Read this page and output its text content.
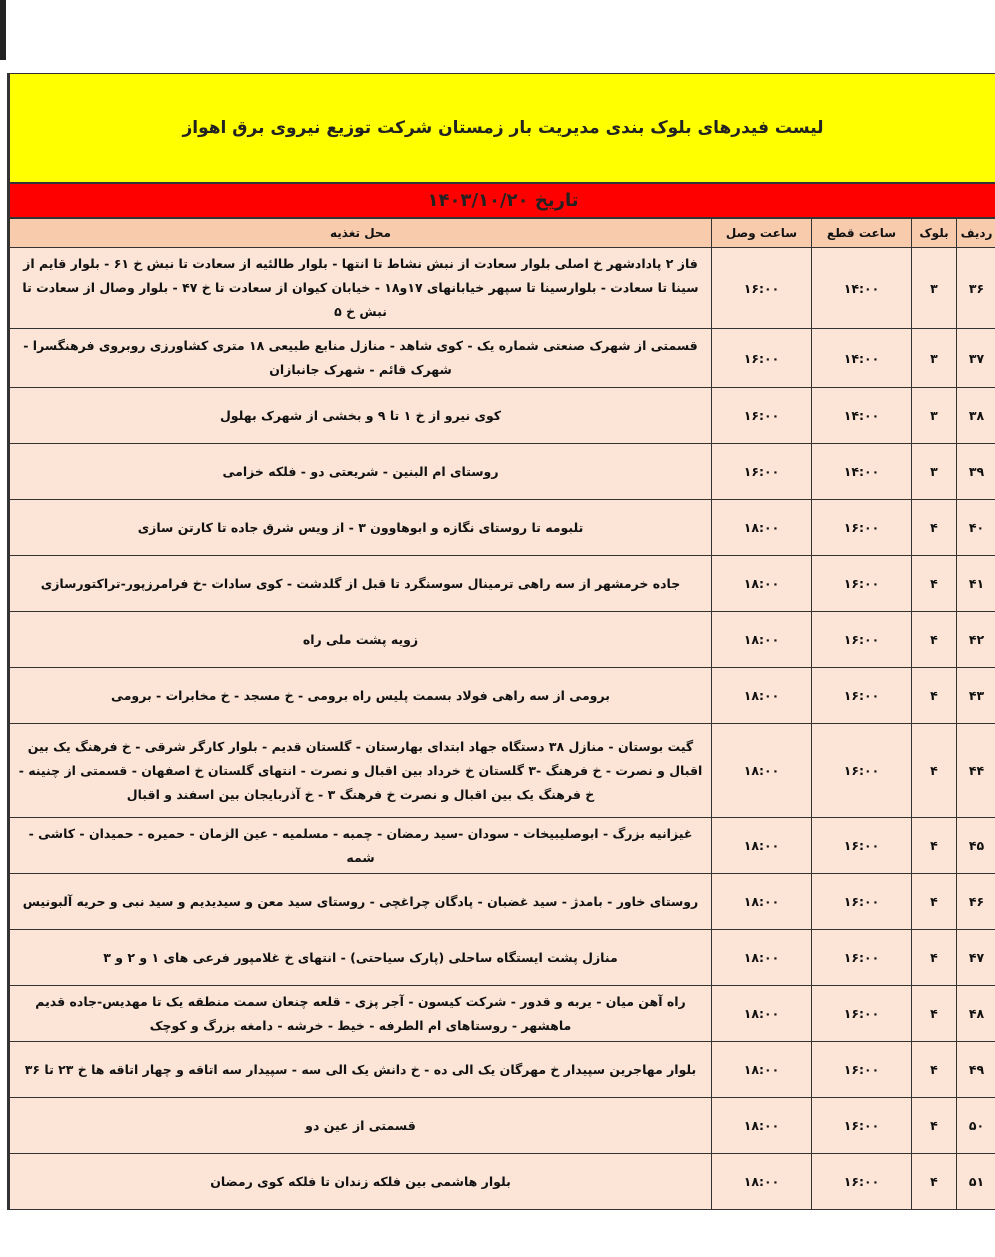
لیست فیدرهای بلوک بندی مدیریت بار زمستان شرکت توزیع نیروی برق اهواز
تاریخ ۱۴۰۳/۱۰/۲۰
ردیف	بلوک	ساعت قطع	ساعت وصل	محل تغذیه
۳۶	۳	۱۴:۰۰	۱۶:۰۰	فاز ۲ پادادشهر خ اصلی بلوار سعادت از نبش نشاط تا انتها - بلوار طالئیه از سعادت تا نبش خ ۶۱ - بلوار قایم از سینا تا سعادت - بلوارسینا تا سپهر خیابانهای ۱۷و۱۸ - خیابان کیوان از سعادت تا خ ۴۷ - بلوار وصال از سعادت تا نبش خ ۵
۳۷	۳	۱۴:۰۰	۱۶:۰۰	قسمتی از شهرک صنعتی شماره یک - کوی شاهد - منازل منابع طبیعی ۱۸ متری کشاورزی روبروی فرهنگسرا - شهرک قائم - شهرک جانبازان
۳۸	۳	۱۴:۰۰	۱۶:۰۰	کوی نیرو از خ ۱ تا ۹ و بخشی از شهرک بهلول
۳۹	۳	۱۴:۰۰	۱۶:۰۰	روستای ام البنین - شریعتی دو - فلکه خزامی
۴۰	۴	۱۶:۰۰	۱۸:۰۰	تلبومه تا روستای نگازه و ابوهاوون ۳ - از ویس شرق جاده تا کارتن سازی
۴۱	۴	۱۶:۰۰	۱۸:۰۰	جاده خرمشهر از سه راهی ترمینال سوسنگرد تا قبل از گلدشت - کوی سادات -خ فرامرزپور-تراکتورسازی
۴۲	۴	۱۶:۰۰	۱۸:۰۰	زویه پشت ملی راه
۴۳	۴	۱۶:۰۰	۱۸:۰۰	برومی از سه راهی فولاد بسمت پلیس راه برومی - خ مسجد - خ مخابرات - برومی
۴۴	۴	۱۶:۰۰	۱۸:۰۰	گیت بوستان - منازل ۳۸ دستگاه جهاد ابتدای بهارستان - گلستان قدیم - بلوار کارگر شرقی - خ فرهنگ یک بین اقبال و نصرت - خ فرهنگ -۳ گلستان خ خرداد بین اقبال و نصرت - انتهای گلستان خ اصفهان - قسمتی از چنینه - خ فرهنگ یک بین اقبال و نصرت خ فرهنگ ۳ - خ آذربایجان بین اسفند و اقبال
۴۵	۴	۱۶:۰۰	۱۸:۰۰	غیزانیه بزرگ - ابوصلیبیخات - سودان -سید رمضان - چمبه - مسلمیه - عین الزمان - حمیره - حمیدان - کاشی - شمه
۴۶	۴	۱۶:۰۰	۱۸:۰۰	روستای خاور - بامدژ - سید غضبان - پادگان چراغچی - روستای سید معن و سیدیدیم و سید نبی و حریه آلبونیس
۴۷	۴	۱۶:۰۰	۱۸:۰۰	منازل پشت ایستگاه ساحلی (پارک سیاحتی) - انتهای خ غلامپور فرعی های ۱ و ۲ و ۳
۴۸	۴	۱۶:۰۰	۱۸:۰۰	راه آهن میان - یربه و قدور - شرکت کیسون - آجر پزی - قلعه چنعان سمت منطقه یک تا مهدیس-جاده قدیم ماهشهر - روستاهای ام الطرفه - خیط - خرشه - دامغه بزرگ و کوچک
۴۹	۴	۱۶:۰۰	۱۸:۰۰	بلوار مهاجرین سپیدار خ مهرگان یک الی ده - خ دانش یک الی سه - سپیدار سه اتاقه و چهار اتاقه ها خ ۲۳ تا ۳۶
۵۰	۴	۱۶:۰۰	۱۸:۰۰	قسمتی از عین دو
۵۱	۴	۱۶:۰۰	۱۸:۰۰	بلوار هاشمی بین فلکه زندان تا فلکه کوی رمضان
